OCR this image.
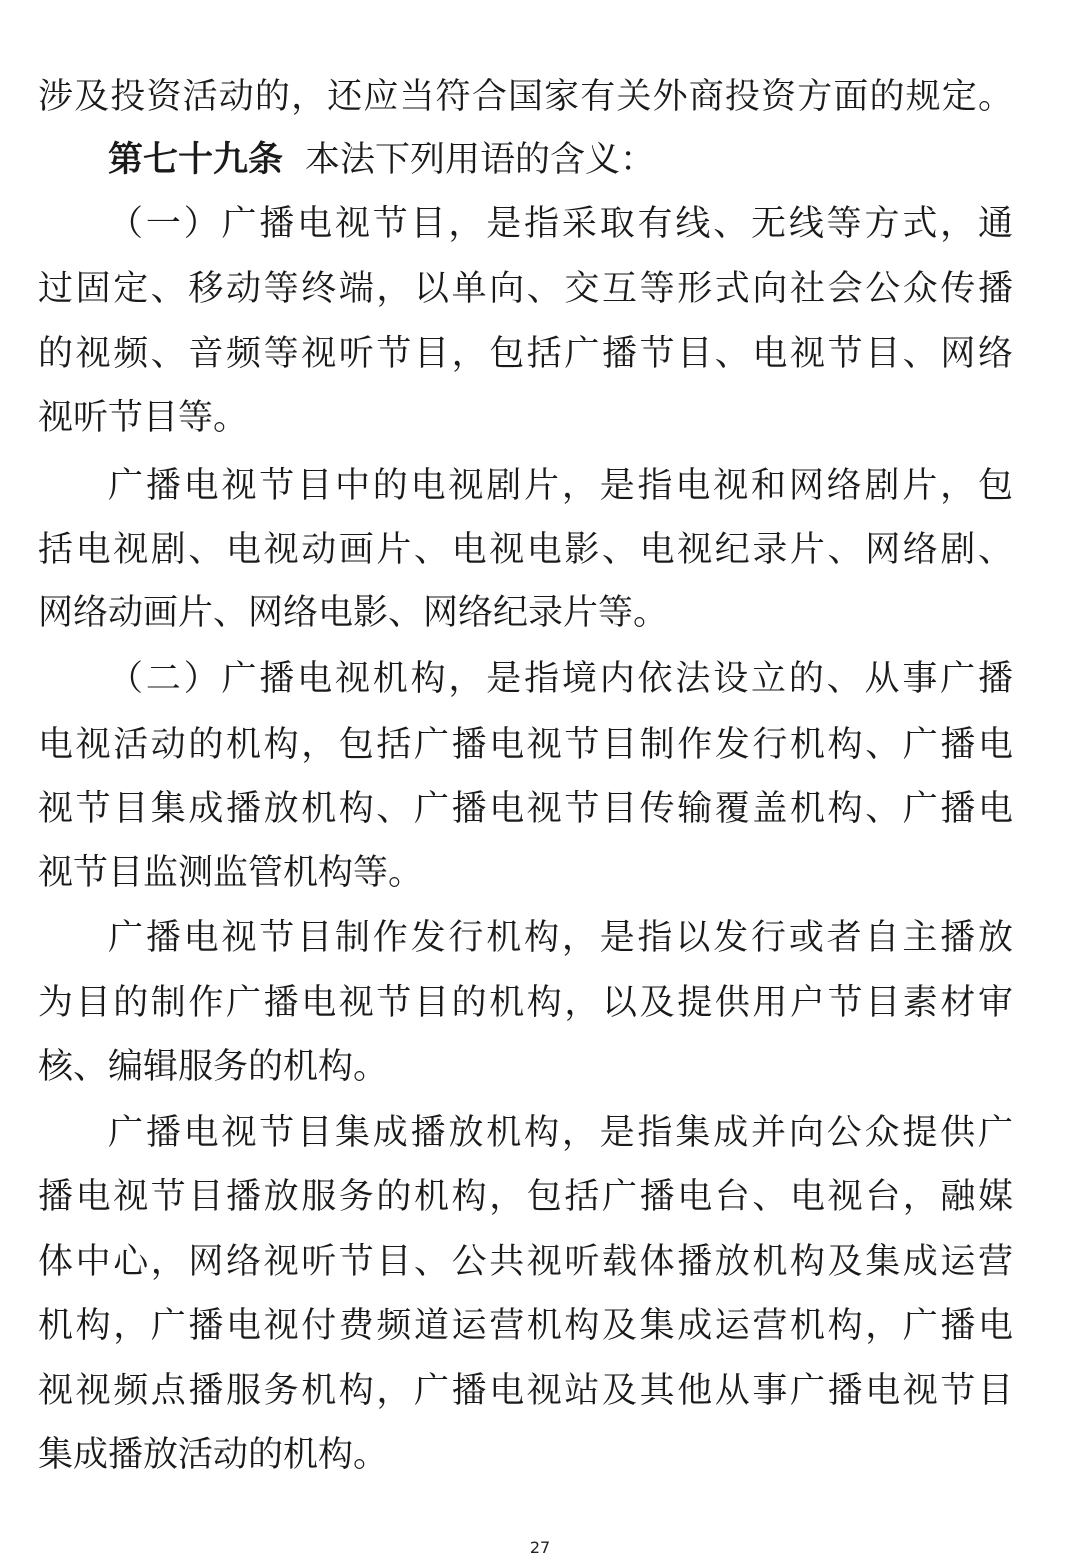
涉及投资活动的，还应当符合国家有关外商投资方面的规定。
第七十九条 本法下列用语的含义：
（一）广播电视节目，是指采取有线、无线等方式，通
过固定、移动等终端，以单向、交互等形式向社会公众传播
的视频、音频等视听节目，包括广播节目、电视节目、网络
视听节目等。
广播电视节目中的电视剧片，是指电视和网络剧片，包
括电视剧、电视动画片、电视电影、电视纪录片、网络剧、
网络动画片、网络电影、网络纪录片等。
（二）广播电视机构，是指境内依法设立的、从事广播
电视活动的机构，包括广播电视节目制作发行机构、广播电
视节目集成播放机构、广播电视节目传输覆盖机构、广播电
视节目监测监管机构等。
广播电视节目制作发行机构，是指以发行或者自主播放
为目的制作广播电视节目的机构，以及提供用户节目素材审
核、编辑服务的机构。
广播电视节目集成播放机构，是指集成并向公众提供广
播电视节目播放服务的机构，包括广播电台、电视台，融媒
体中心，网络视听节目、公共视听载体播放机构及集成运营
机构，广播电视付费频道运营机构及集成运营机构，广播电
视视频点播服务机构，广播电视站及其他从事广播电视节目
集成播放活动的机构。
27
